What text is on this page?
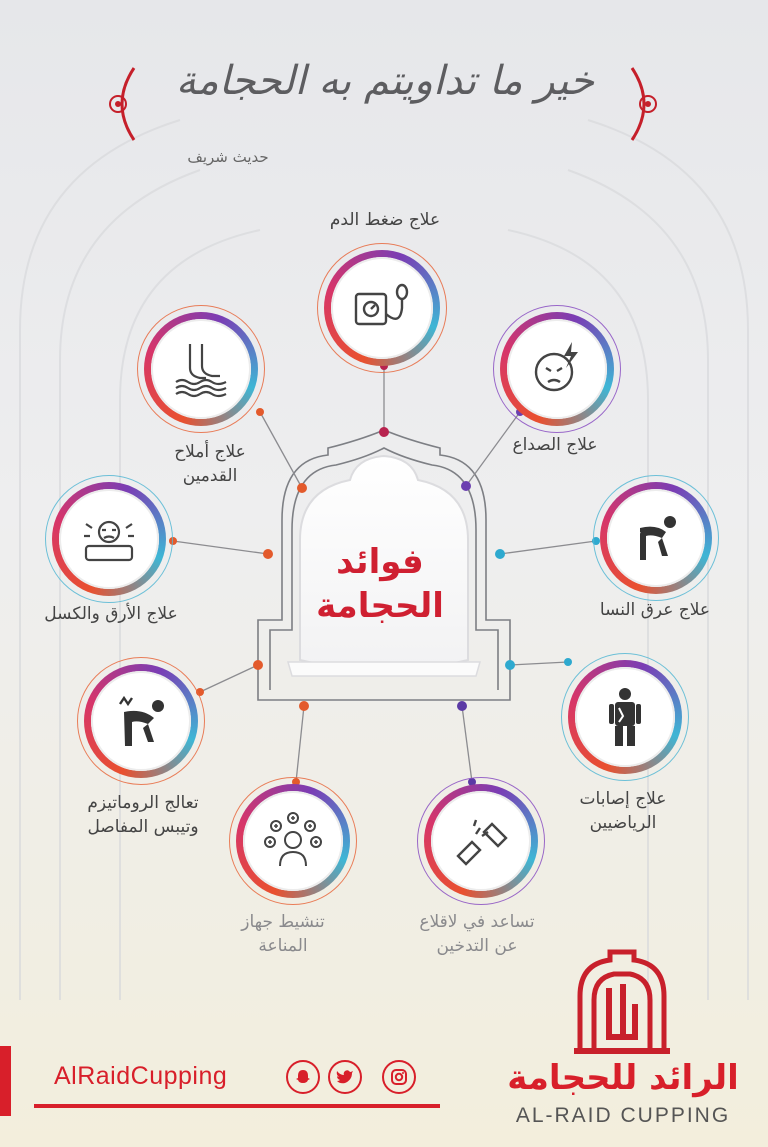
خير ما تداويتم به الحجامة
حديث شريف
فوائد
الحجامة
علاج ضغط الدم
علاج الصداع
علاج عرق النسا
علاج إصابات
الرياضيين
تساعد في لاقلاع
عن التدخين
تنشيط جهاز
المناعة
تعالج الروماتيزم
وتيبس المفاصل
علاج الأرق والكسل
علاج أملاح
القدمين
AlRaidCupping	الرائد للحجامة
AL-RAID CUPPING
